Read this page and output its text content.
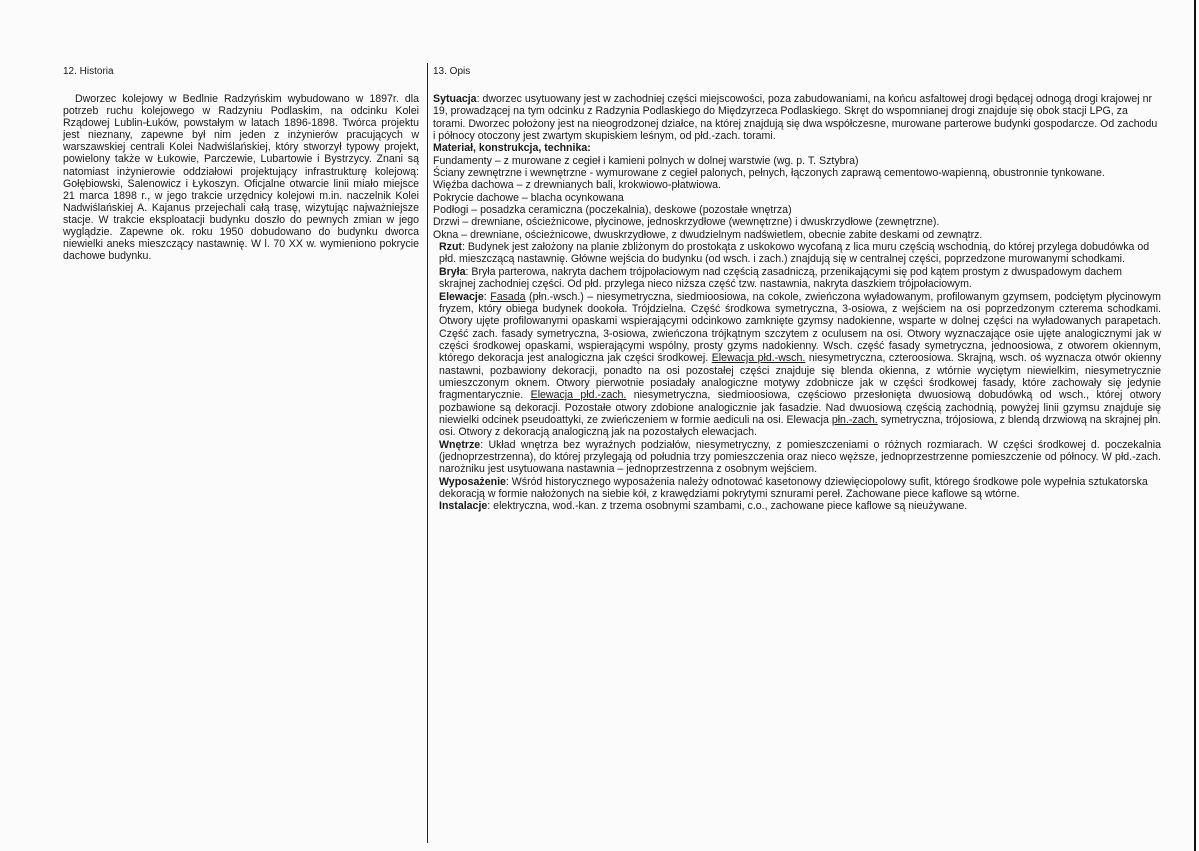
12. Historia
Dworzec kolejowy w Bedlnie Radzyńskim wybudowano w 1897r. dla potrzeb ruchu kolejowego w Radzyniu Podlaskim, na odcinku Kolei Rządowej Lublin-Łuków, powstałym w latach 1896-1898. Twórca projektu jest nieznany, zapewne był nim jeden z inżynierów pracujących w warszawskiej centrali Kolei Nadwiślańskiej, który stworzył typowy projekt, powielony także w Łukowie, Parczewie, Lubartowie i Bystrzycy. Znani są natomiast inżynierowie oddziałowi projektujący infrastrukturę kolejową: Gołębiowski, Salenowicz i Łykoszyn. Oficjalne otwarcie linii miało miejsce 21 marca 1898 r., w jego trakcie urzędnicy kolejowi m.in. naczelnik Kolei Nadwiślańskiej A. Kajanus przejechali całą trasę, wizytując najważniejsze stacje. W trakcie eksploatacji budynku doszło do pewnych zmian w jego wyglądzie. Zapewne ok. roku 1950 dobudowano do budynku dworca niewielki aneks mieszczący nastawnię. W l. 70 XX w. wymieniono pokrycie dachowe budynku.
13. Opis

Sytuacja: dworzec usytuowany jest w zachodniej części miejscowości, poza zabudowaniami, na końcu asfaltowej drogi będącej odnogą drogi krajowej nr 19, prowadzącej na tym odcinku z Radzynia Podlaskiego do Międzyrzeca Podlaskiego. Skręt do wspomnianej drogi znajduje się obok stacji LPG, za torami. Dworzec położony jest na nieogrodzonej działce, na której znajdują się dwa współczesne, murowane parterowe budynki gospodarcze. Od zachodu i północy otoczony jest zwartym skupiskiem leśnym, od płd.-zach. torami.

Materiał, konstrukcja, technika:

Fundamenty – z murowane z cegieł i kamieni polnych w dolnej warstwie (wg. p. T. Sztybra)

Ściany zewnętrzne i wewnętrzne - wymurowane z cegieł palonych, pełnych, łączonych zaprawą cementowo-wapienną, obustronnie tynkowane.

Więźba dachowa – z drewnianych bali, krokwiowo-płatwiowa.

Pokrycie dachowe – blacha ocynkowana

Podłogi – posadzka ceramiczna (poczekalnia), deskowe (pozostałe wnętrza)

Drzwi – drewniane, ościeżnicowe, płycinowe, jednoskrzydłowe (wewnętrzne) i dwuskrzydłowe (zewnętrzne).

Okna – drewniane, ościeżnicowe, dwuskrzydłowe, z dwudzielnym nadświetlem, obecnie zabite deskami od zewnątrz.

Rzut: Budynek jest założony na planie zbliżonym do prostokąta z uskokowo wycofaną z lica muru częścią wschodnią, do której przylega dobudówka od płd. mieszczącą nastawnię. Główne wejścia do budynku (od wsch. i zach.) znajdują się w centralnej części, poprzedzone murowanymi schodkami.

Bryła: Bryła parterowa, nakryta dachem trójpołaciowym nad częścią zasadniczą, przenikającymi się pod kątem prostym z dwuspadowym dachem skrajnej zachodniej części. Od płd. przylega nieco niższa część tzw. nastawnia, nakryta daszkiem trójpołaciowym.

Elewacje: Fasada (płn.-wsch.) – niesymetryczna, siedmioosiowa, na cokole, zwieńczona wyładowanym, profilowanym gzymsem, podciętym płycinowym fryzem, który obiega budynek dookoła. Trójdzielna. Część środkowa symetryczna, 3-osiowa, z wejściem na osi poprzedzonym czterema schodkami. Otwory ujęte profilowanymi opaskami wspierającymi odcinkowo zamknięte gzymsy nadokienne, wsparte w dolnej części na wyładowanych parapetach. Część zach. fasady symetryczna, 3-osiowa, zwieńczona trójkątnym szczytem z oculusem na osi. Otwory wyznaczające osie ujęte analogicznymi jak w części środkowej opaskami, wspierającymi wspólny, prosty gzyms nadokienny. Wsch. część fasady symetryczna, jednoosiowa, z otworem okiennym, którego dekoracja jest analogiczna jak części środkowej. Elewacja płd.-wsch. niesymetryczna, czteroosiowa. Skrajną, wsch. oś wyznacza otwór okienny nastawni, pozbawiony dekoracji, ponadto na osi pozostałej części znajduje się blenda okienna, z wtórnie wyciętym niewielkim, niesymetrycznie umieszczonym oknem. Otwory pierwotnie posiadały analogiczne motywy zdobnicze jak w części środkowej fasady, które zachowały się jedynie fragmentarycznie. Elewacja płd.-zach. niesymetryczna, siedmioosiowa, częściowo przesłonięta dwuosiową dobudówką od wsch., której otwory pozbawione są dekoracji. Pozostałe otwory zdobione analogicznie jak fasadzie. Nad dwuosiową częścią zachodnią, powyżej linii gzymsu znajduje się niewielki odcinek pseudoattyki, ze zwieńczeniem w formie aediculi na osi. Elewacja płn.-zach. symetryczna, trójosiowa, z blendą drzwiową na skrajnej płn. osi. Otwory z dekoracją analogiczną jak na pozostałych elewacjach.

Wnętrze: Układ wnętrza bez wyraźnych podziałów, niesymetryczny, z pomieszczeniami o różnych rozmiarach. W części środkowej d. poczekalnia (jednoprzestrzenna), do której przylegają od południa trzy pomieszczenia oraz nieco węższe, jednoprzestrzenne pomieszczenie od północy. W płd.-zach. narożniku jest usytuowana nastawnia – jednoprzestrzenna z osobnym wejściem.

Wyposażenie: Wśród historycznego wyposażenia należy odnotować kasetonowy dziewięciopolowy sufit, którego środkowe pole wypełnia sztukatorska dekoracją w formie nałożonych na siebie kół, z krawędziami pokrytymi sznurami pereł. Zachowane piece kaflowe są wtórne.

Instalacje: elektryczna, wod.-kan. z trzema osobnymi szambami, c.o., zachowane piece kaflowe są nieużywane.
